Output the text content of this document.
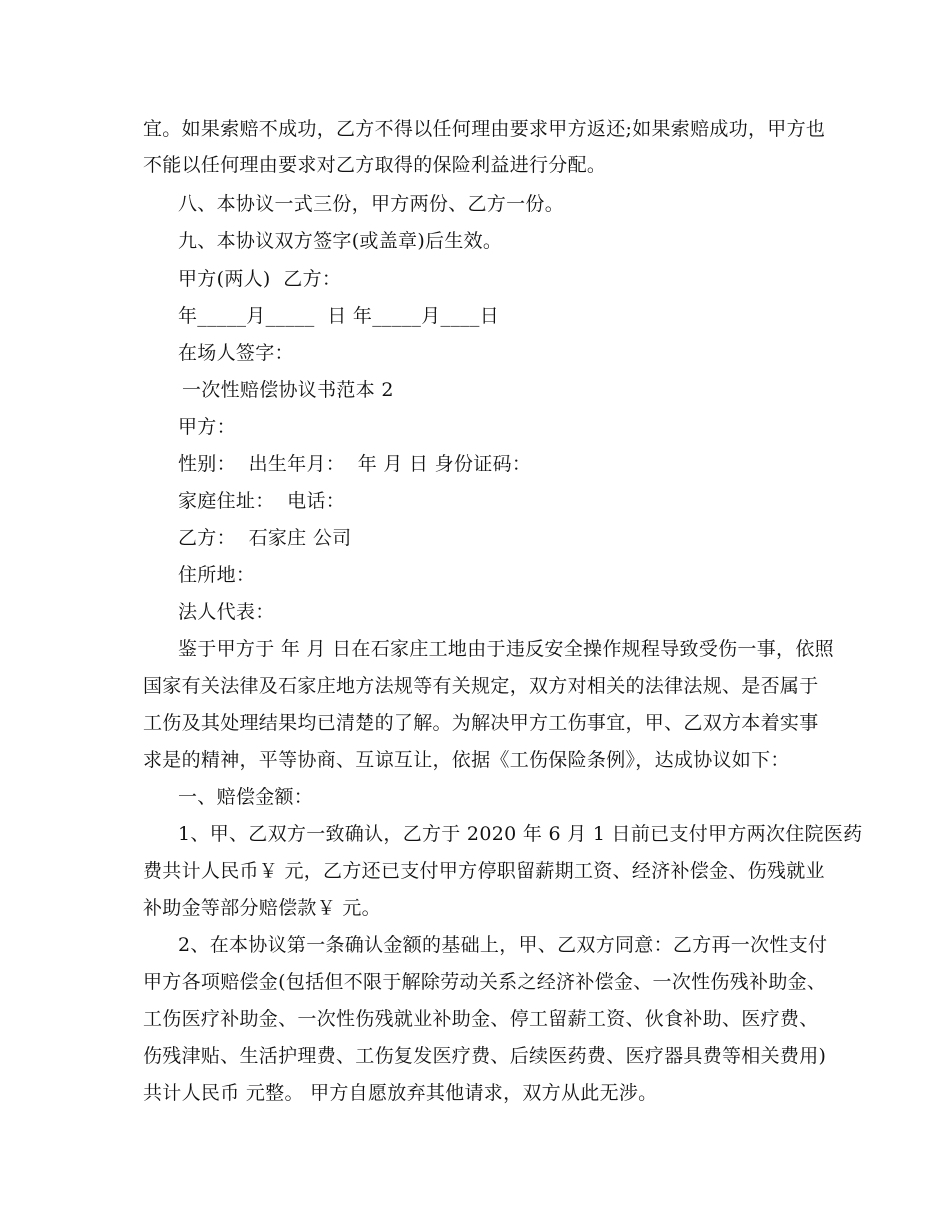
宜。如果索赔不成功，乙方不得以任何理由要求甲方返还;如果索赔成功，甲方也
不能以任何理由要求对乙方取得的保险利益进行分配。
八、本协议一式三份，甲方两份、乙方一份。
九、本协议双方签字(或盖章)后生效。
甲方(两人)  乙方：
年_____月_____  日 年_____月____日
在场人签字：
一次性赔偿协议书范本 2
甲方：
性别：  出生年月：  年 月 日 身份证码：
家庭住址：  电话：
乙方：  石家庄 公司
住所地：
法人代表：
鉴于甲方于 年 月 日在石家庄工地由于违反安全操作规程导致受伤一事，依照
国家有关法律及石家庄地方法规等有关规定，双方对相关的法律法规、是否属于
工伤及其处理结果均已清楚的了解。为解决甲方工伤事宜，甲、乙双方本着实事
求是的精神，平等协商、互谅互让，依据《工伤保险条例》，达成协议如下：
一、赔偿金额：
1、甲、乙双方一致确认，乙方于 2020 年 6 月 1 日前已支付甲方两次住院医药
费共计人民币￥ 元，乙方还已支付甲方停职留薪期工资、经济补偿金、伤残就业
补助金等部分赔偿款￥ 元。
2、在本协议第一条确认金额的基础上，甲、乙双方同意：乙方再一次性支付
甲方各项赔偿金(包括但不限于解除劳动关系之经济补偿金、一次性伤残补助金、
工伤医疗补助金、一次性伤残就业补助金、停工留薪工资、伙食补助、医疗费、
伤残津贴、生活护理费、工伤复发医疗费、后续医药费、医疗器具费等相关费用)
共计人民币 元整。 甲方自愿放弃其他请求，双方从此无涉。
